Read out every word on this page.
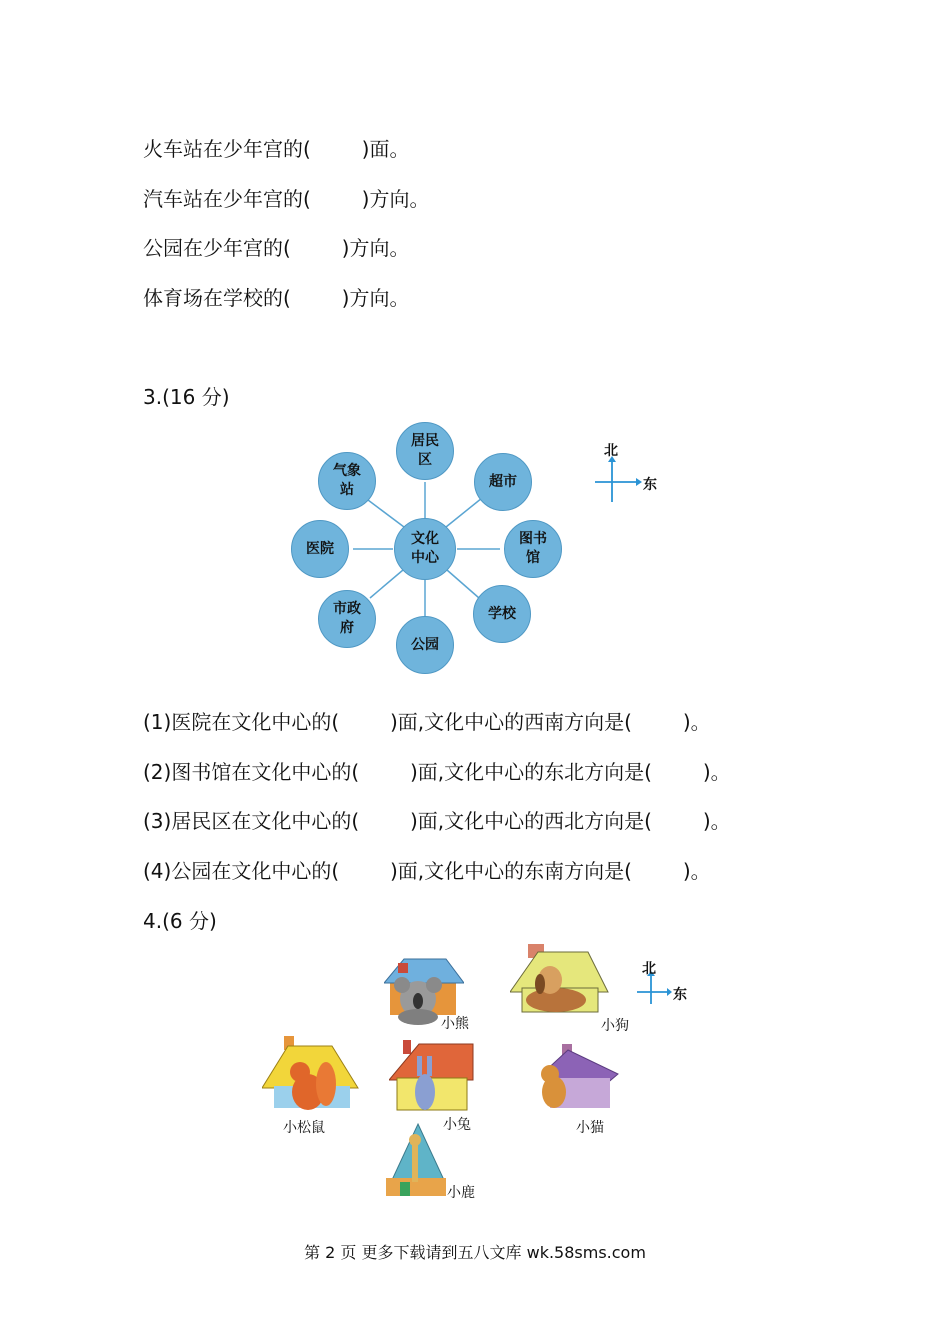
火车站在少年宫的(        )面。
汽车站在少年宫的(        )方向。
公园在少年宫的(        )方向。
体育场在学校的(        )方向。
3.(16 分)
文化
中心
居民
区
超市
图书
馆
学校
公园
市政
府
医院
气象
站
北
东
(1)医院在文化中心的(        )面,文化中心的西南方向是(        )。
(2)图书馆在文化中心的(        )面,文化中心的东北方向是(        )。
(3)居民区在文化中心的(        )面,文化中心的西北方向是(        )。
(4)公园在文化中心的(        )面,文化中心的东南方向是(        )。
4.(6 分)
北
东
小熊	小狗
小松鼠	小兔	小猫
小鹿
第 2 页 更多下载请到五八文库 wk.58sms.com
